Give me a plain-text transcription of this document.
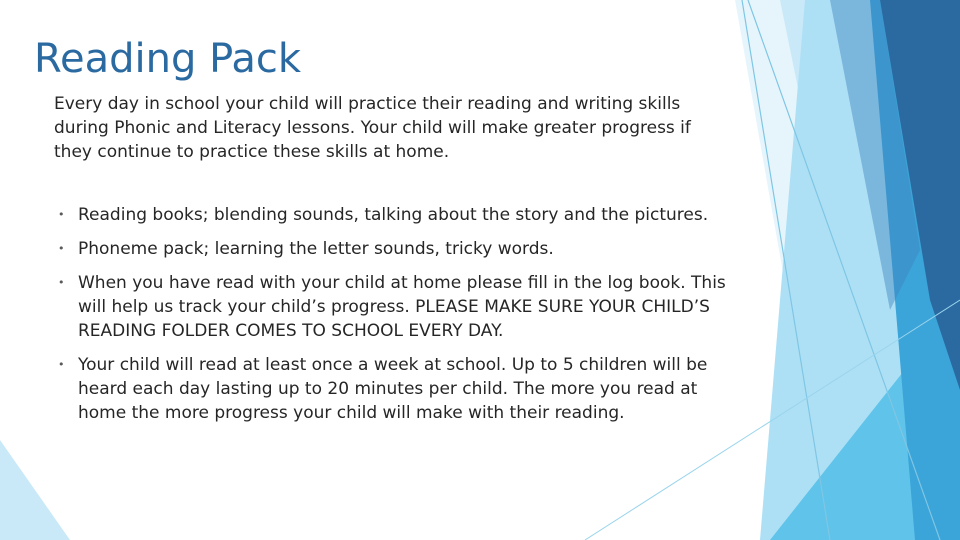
Reading Pack

Every day in school your child will practice their reading and writing skills during Phonic and Literacy lessons. Your child will make greater progress if they continue to practice these skills at home.

• Reading books; blending sounds, talking about the story and the pictures.
• Phoneme pack; learning the letter sounds, tricky words.
• When you have read with your child at home please fill in the log book. This will help us track your child’s progress. PLEASE MAKE SURE YOUR CHILD’S READING FOLDER COMES TO SCHOOL EVERY DAY.
• Your child will read at least once a week at school. Up to 5 children will be heard each day lasting up to 20 minutes per child. The more you read at home the more progress your child will make with their reading.
